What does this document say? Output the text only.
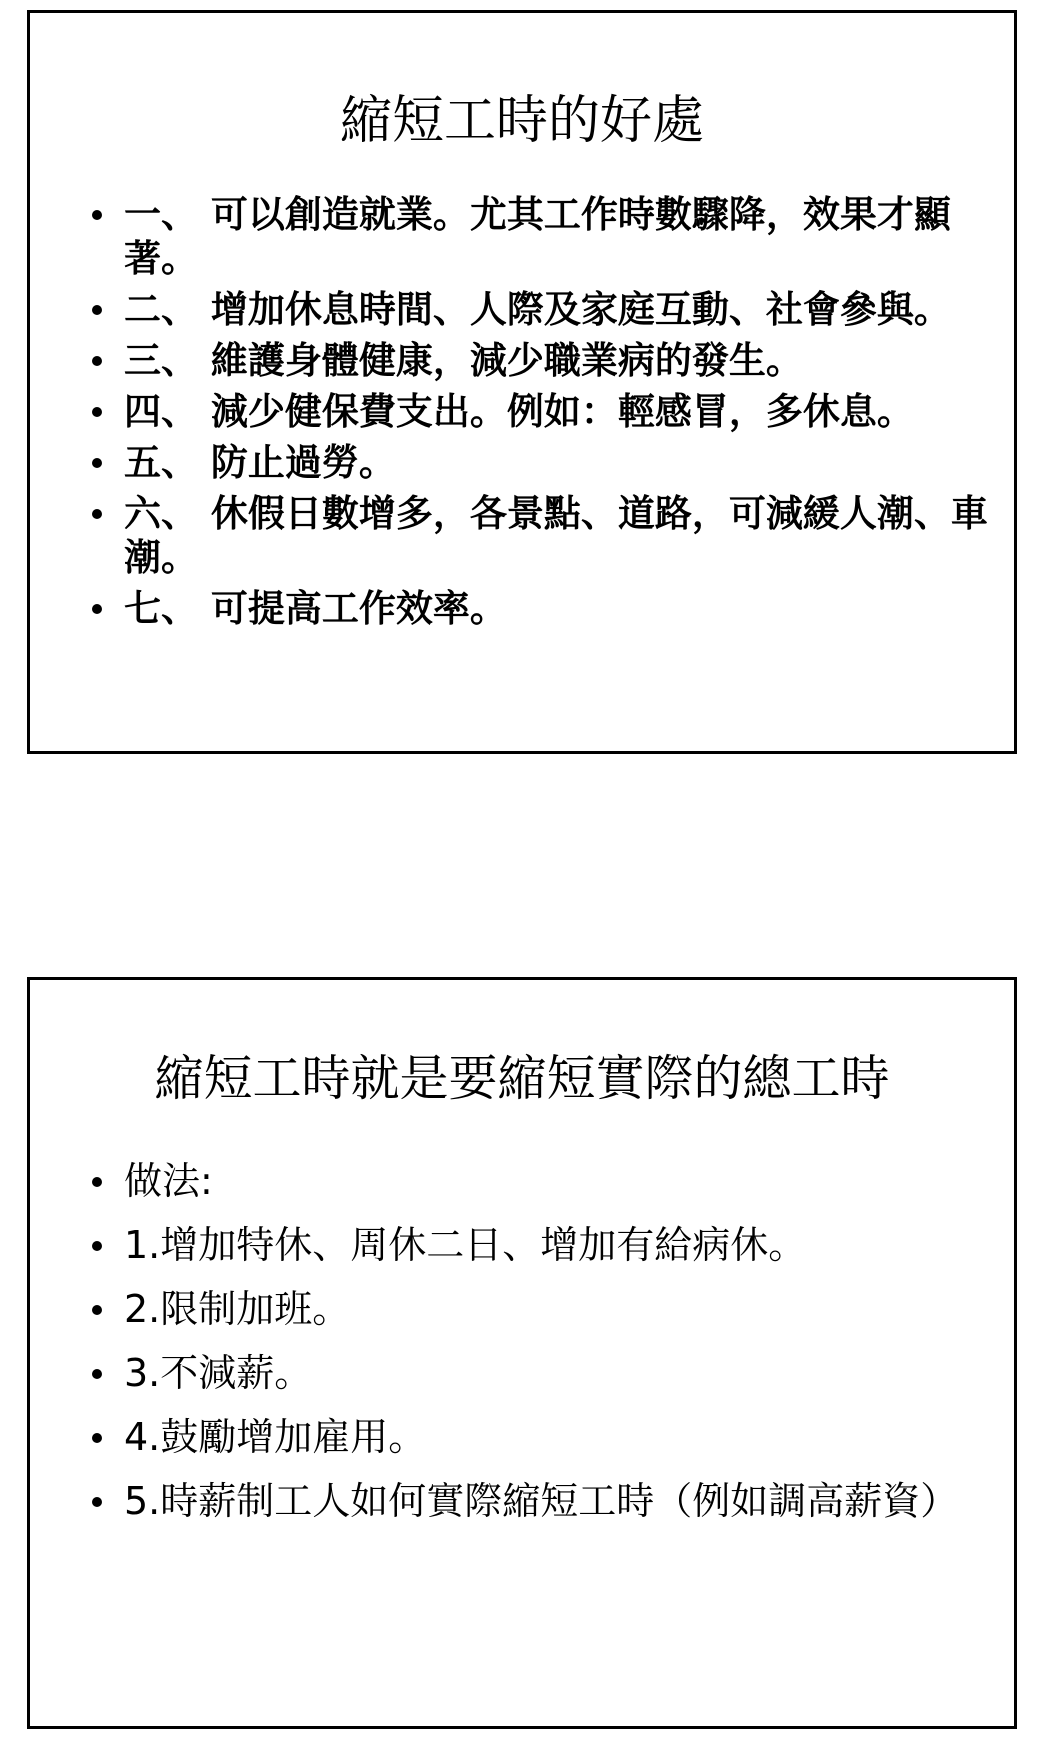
縮短工時的好處
一、 可以創造就業。尤其工作時數驟降，效果才顯著。
二、 增加休息時間、人際及家庭互動、社會參與。
三、 維護身體健康，減少職業病的發生。
四、 減少健保費支出。例如：輕感冒，多休息。
五、 防止過勞。
六、 休假日數增多，各景點、道路，可減緩人潮、車潮。
七、 可提高工作效率。
縮短工時就是要縮短實際的總工時
做法:
1.增加特休、周休二日、增加有給病休。
2.限制加班。
3.不減薪。
4.鼓勵增加雇用。
5.時薪制工人如何實際縮短工時（例如調高薪資）
